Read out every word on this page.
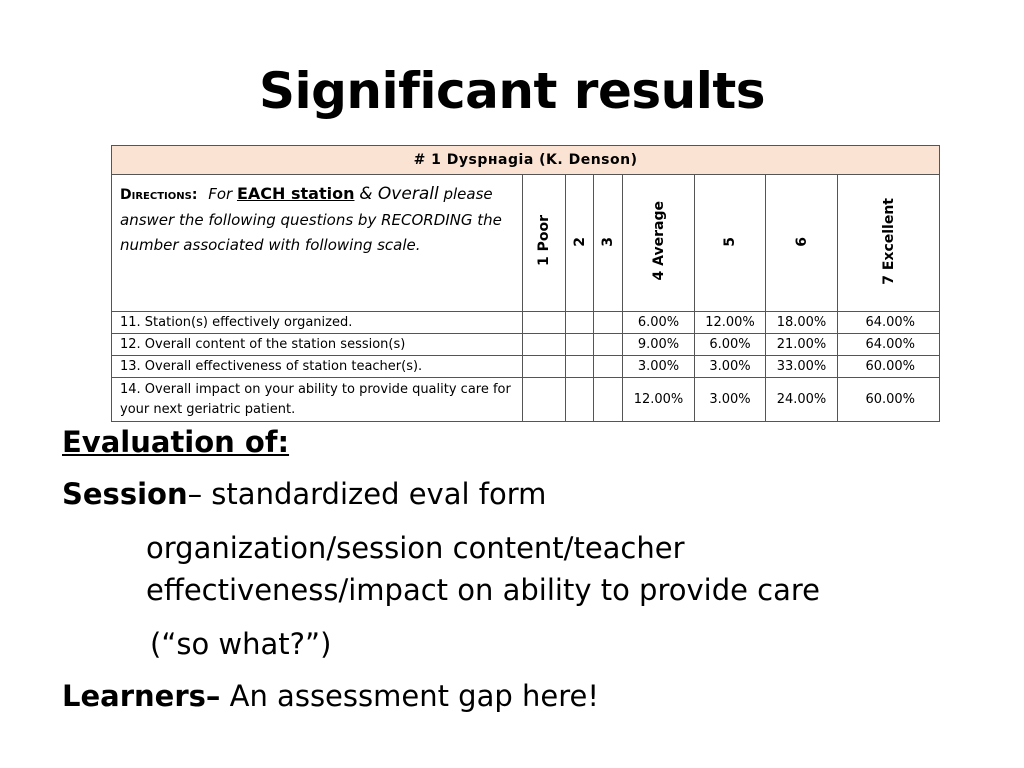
Significant results
# 1 Dyspнagia (K. Denson)							
Directions: For EACH station & Overall please answer the following questions by RECORDING the number associated with following scale.	1 Poor	2	3	4 Average	5	6	7 Excellent
11. Station(s) effectively organized.				6.00%	12.00%	18.00%	64.00%
12. Overall content of the station session(s)				9.00%	6.00%	21.00%	64.00%
13. Overall effectiveness of station teacher(s).				3.00%	3.00%	33.00%	60.00%
14. Overall impact on your ability to provide quality care for your next geriatric patient.				12.00%	3.00%	24.00%	60.00%
Evaluation of:
Session– standardized eval form
organization/session content/teacher
effectiveness/impact on ability to provide care
(“so what?”)
Learners– An assessment gap here!
